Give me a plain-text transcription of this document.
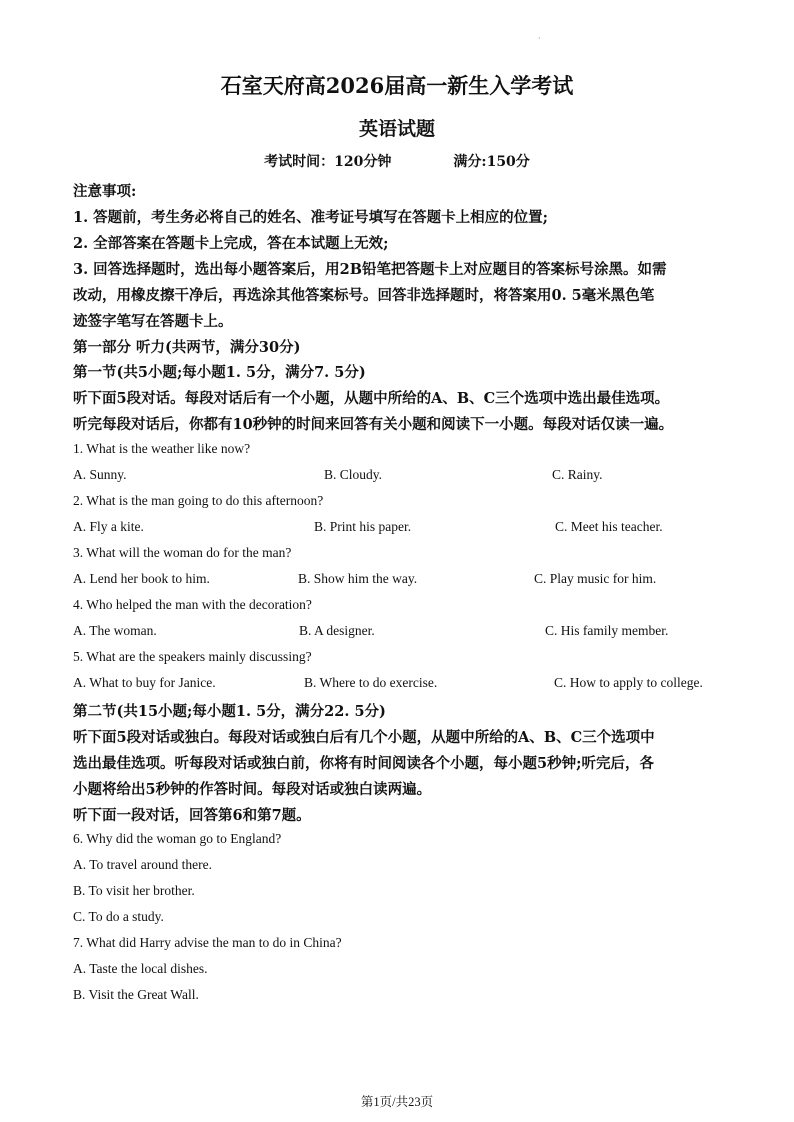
·
石室天府高2026届高一新生入学考试
英语试题
考试时间：120分钟	满分:150分
注意事项:
1. 答题前，考生务必将自己的姓名、准考证号填写在答题卡上相应的位置;
2. 全部答案在答题卡上完成，答在本试题上无效;
3. 回答选择题时，选出每小题答案后，用2B铅笔把答题卡上对应题目的答案标号涂黑。如需
改动，用橡皮擦干净后，再选涂其他答案标号。回答非选择题时，将答案用0. 5毫米黑色笔
迹签字笔写在答题卡上。
第一部分 听力(共两节，满分30分)
第一节(共5小题;每小题1. 5分，满分7. 5分)
听下面5段对话。每段对话后有一个小题，从题中所给的A、B、C三个选项中选出最佳选项。
听完每段对话后，你都有10秒钟的时间来回答有关小题和阅读下一小题。每段对话仅读一遍。
1. What is the weather like now?
A. Sunny.	B. Cloudy.	C. Rainy.
2. What is the man going to do this afternoon?
A. Fly a kite.	B. Print his paper.	C. Meet his teacher.
3. What will the woman do for the man?
A. Lend her book to him.	B. Show him the way.	C. Play music for him.
4. Who helped the man with the decoration?
A. The woman.	B. A designer.	C. His family member.
5. What are the speakers mainly discussing?
A. What to buy for Janice.	B. Where to do exercise.	C. How to apply to college.
第二节(共15小题;每小题1. 5分，满分22. 5分)
听下面5段对话或独白。每段对话或独白后有几个小题，从题中所给的A、B、C三个选项中
选出最佳选项。听每段对话或独白前，你将有时间阅读各个小题，每小题5秒钟;听完后，各
小题将给出5秒钟的作答时间。每段对话或独白读两遍。
听下面一段对话，回答第6和第7题。
6. Why did the woman go to England?
A. To travel around there.
B. To visit her brother.
C. To do a study.
7. What did Harry advise the man to do in China?
A. Taste the local dishes.
B. Visit the Great Wall.
第1页/共23页
